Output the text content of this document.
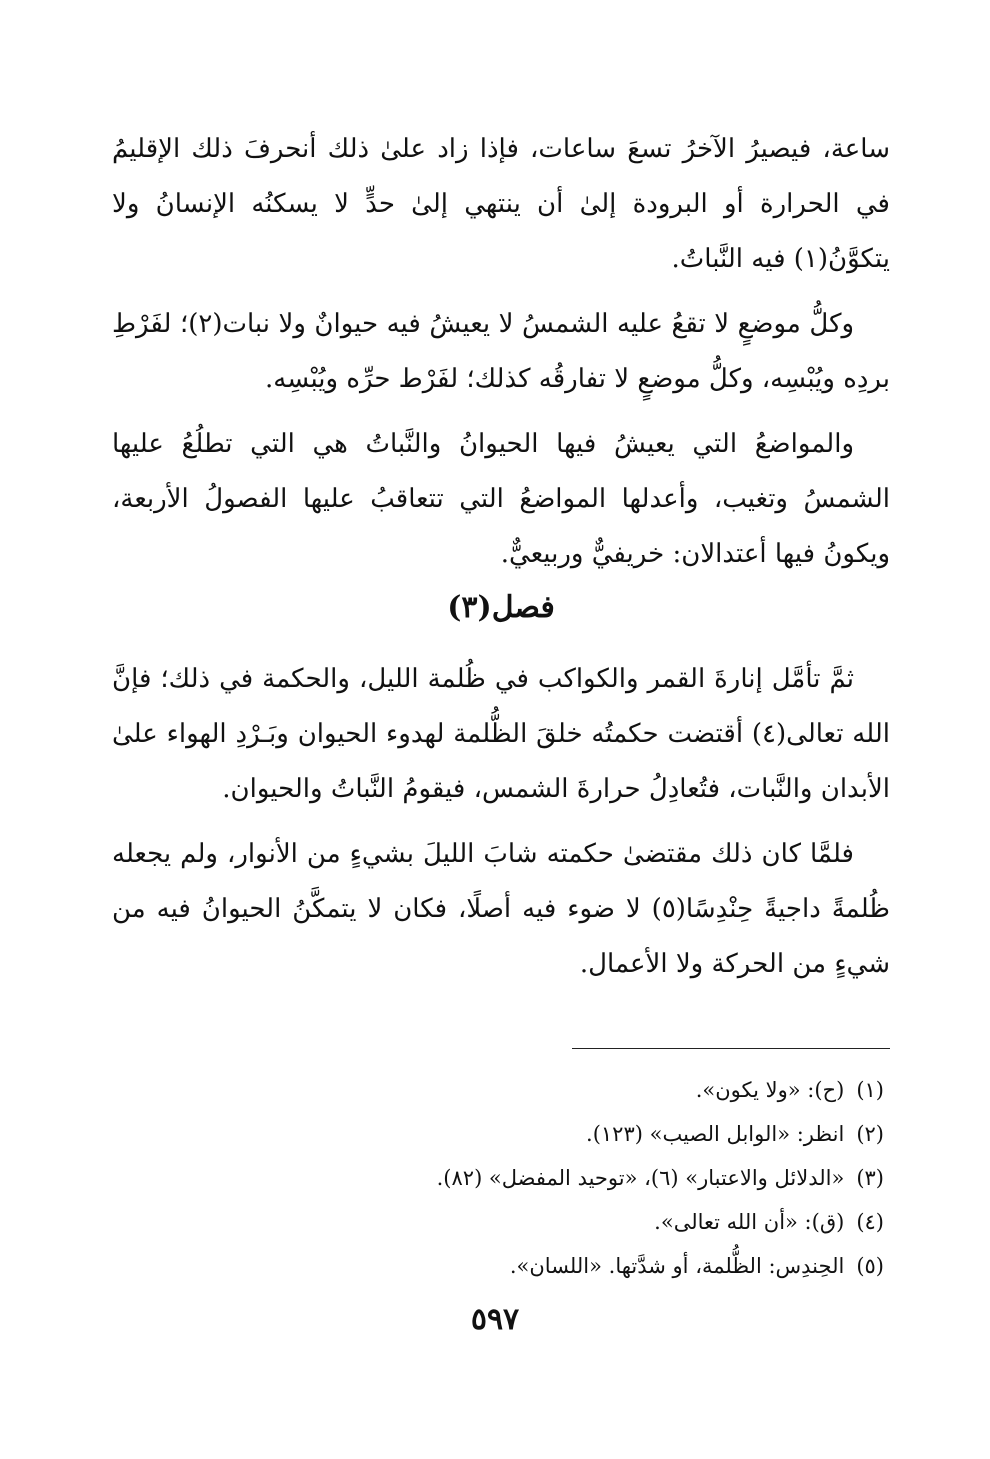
ساعة، فيصيرُ الآخرُ تسعَ ساعات، فإذا زاد علىٰ ذلك أنحرفَ ذلك الإقليمُ في الحرارة أو البرودة إلىٰ أن ينتهي إلىٰ حدٍّ لا يسكنُه الإنسانُ ولا يتكوَّنُ(١) فيه النَّباتُ.

وكلُّ موضعٍ لا تقعُ عليه الشمسُ لا يعيشُ فيه حيوانٌ ولا نبات(٢)؛ لفَرْطِ بردِه ويُبْسِه، وكلُّ موضعٍ لا تفارقُه كذلك؛ لفَرْط حرِّه ويُبْسِه.

والمواضعُ التي يعيشُ فيها الحيوانُ والنَّباتُ هي التي تطلُعُ عليها الشمسُ وتغيب، وأعدلها المواضعُ التي تتعاقبُ عليها الفصولُ الأربعة، ويكونُ فيها أعتدالان: خريفيٌّ وربيعيٌّ.

فصل(٣)

ثمَّ تأمَّل إنارةَ القمر والكواكب في ظُلمة الليل، والحكمة في ذلك؛ فإنَّ الله تعالى(٤) أقتضت حكمتُه خلقَ الظُّلمة لهدوء الحيوان وبَـرْدِ الهواء علىٰ الأبدان والنَّبات، فتُعادِلُ حرارةَ الشمس، فيقومُ النَّباتُ والحيوان.

فلمَّا كان ذلك مقتضىٰ حكمته شابَ الليلَ بشيءٍ من الأنوار، ولم يجعله ظُلمةً داجيةً حِنْدِسًا(٥) لا ضوء فيه أصلًا، فكان لا يتمكَّنُ الحيوانُ فيه من شيءٍ من الحركة ولا الأعمال.

(١)(ح): «ولا يكون».
(٢)انظر: «الوابل الصيب» (١٢٣).
(٣)«الدلائل والاعتبار» (٦)، «توحيد المفضل» (٨٢).
(٤)(ق): «أن الله تعالى».
(٥)الحِندِس: الظُّلمة، أو شدَّتها. «اللسان».
٥٩٧
